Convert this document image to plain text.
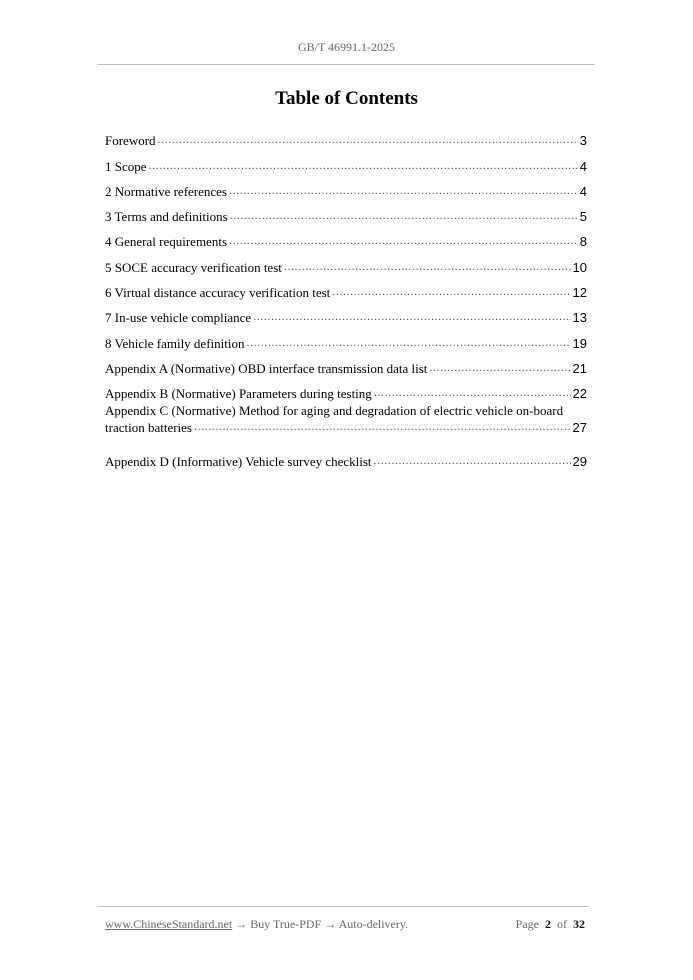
GB/T 46991.1-2025
Table of Contents
Foreword .....	3
1 Scope .....	4
2 Normative references .....	4
3 Terms and definitions .....	5
4 General requirements .....	8
5 SOCE accuracy verification test .....	10
6 Virtual distance accuracy verification test .....	12
7 In-use vehicle compliance .....	13
8 Vehicle family definition .....	19
Appendix A (Normative) OBD interface transmission data list .....	21
Appendix B (Normative) Parameters during testing .....	22
Appendix C (Normative) Method for aging and degradation of electric vehicle on-board
traction batteries .....	27
Appendix D (Informative) Vehicle survey checklist .....	29
www.ChineseStandard.net → Buy True-PDF → Auto-delivery.	Page 2 of 32
